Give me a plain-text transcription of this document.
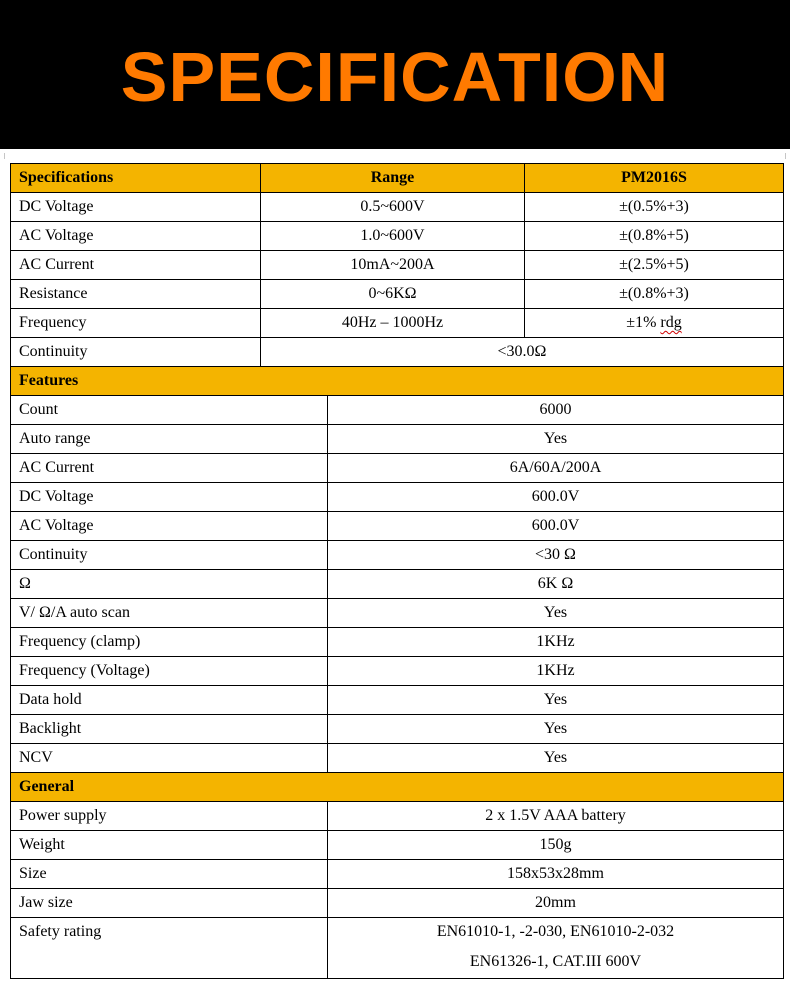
SPECIFICATION
Specifications	Range		PM2016S
DC Voltage	0.5~600V		±(0.5%+3)
AC Voltage	1.0~600V		±(0.8%+5)
AC Current	10mA~200A		±(2.5%+5)
Resistance	0~6KΩ		±(0.8%+3)
Frequency	40Hz – 1000Hz		±1% rdg
Continuity	<30.0Ω		
Features			
Count		6000	
Auto range		Yes	
AC Current		6A/60A/200A	
DC Voltage		600.0V	
AC Voltage		600.0V	
Continuity		<30 Ω	
Ω		6K Ω	
V/ Ω/A auto scan		Yes	
Frequency (clamp)		1KHz	
Frequency (Voltage)		1KHz	
Data hold		Yes	
Backlight		Yes	
NCV		Yes	
General			
Power supply		2 x 1.5V AAA battery	
Weight		150g	
Size		158x53x28mm	
Jaw size		20mm	
Safety rating		EN61010-1, -2-030, EN61010-2-032
EN61326-1, CAT.III 600V	
